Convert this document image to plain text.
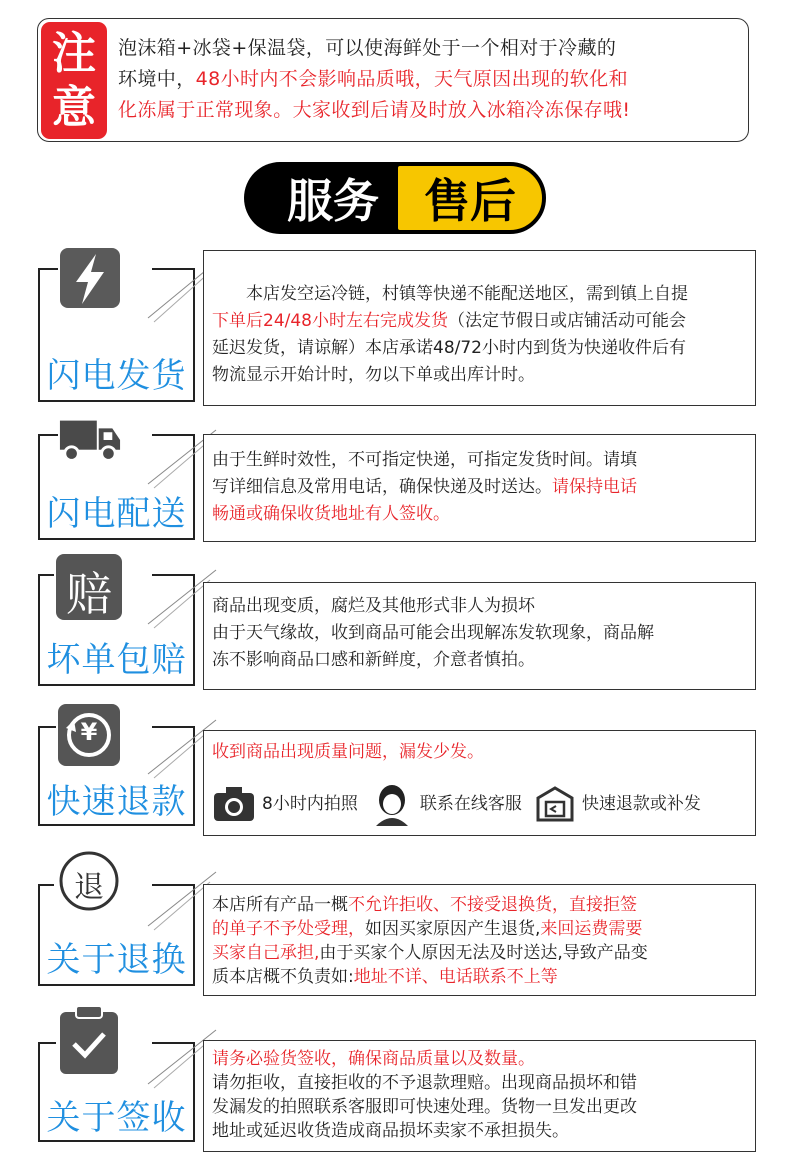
注
意
泡沫箱+冰袋+保温袋，可以使海鲜处于一个相对于冷藏的
环境中，48小时内不会影响品质哦，天气原因出现的软化和
化冻属于正常现象。大家收到后请及时放入冰箱冷冻保存哦!
服务 售后
闪电发货

本店发空运冷链，村镇等快递不能配送地区，需到镇上自提

下单后24/48小时左右完成发货（法定节假日或店铺活动可能会

延迟发货，请谅解）本店承诺48/72小时内到货为快递收件后有

物流显示开始计时，勿以下单或出库计时。

闪电配送

由于生鲜时效性，不可指定快递，可指定发货时间。请填

写详细信息及常用电话，确保快递及时送达。请保持电话

畅通或确保收货地址有人签收。

坏单包赔
赔	商品出现变质，腐烂及其他形式非人为损坏

由于天气缘故，收到商品可能会出现解冻发软现象，商品解

冻不影响商品口感和新鲜度，介意者慎拍。

快速退款
¥

收到商品出现质量问题，漏发少发。

8小时内拍照	联系在线客服	快速退款或补发
关于退换
退	本店所有产品一概不允许拒收、不接受退换货，直接拒签

的单子不予处受理，如因买家原因产生退货,来回运费需要

买家自己承担,由于买家个人原因无法及时送达,导致产品变

质本店概不负责如:地址不详、电话联系不上等

关于签收

请务必验货签收，确保商品质量以及数量。

请勿拒收，直接拒收的不予退款理赔。出现商品损坏和错

发漏发的拍照联系客服即可快速处理。货物一旦发出更改

地址或延迟收货造成商品损坏卖家不承担损失。
